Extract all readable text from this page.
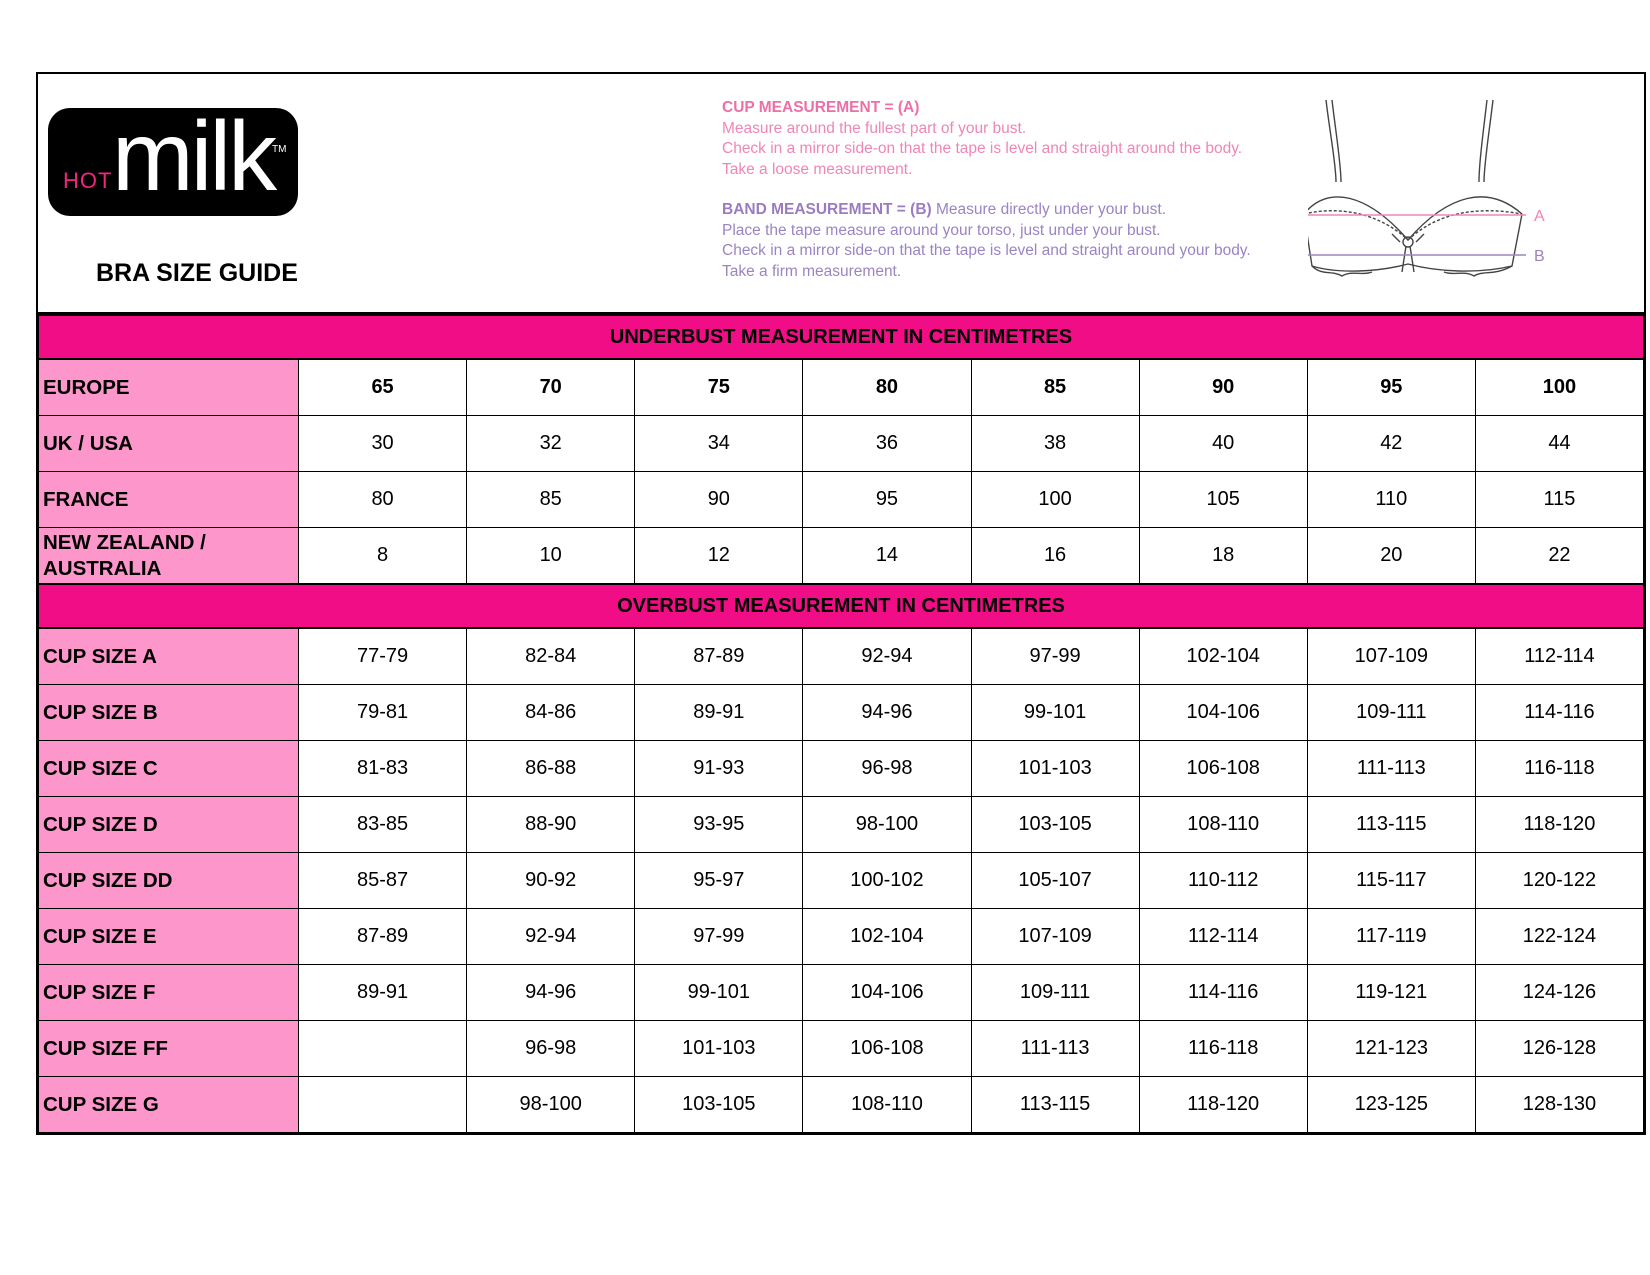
HOT milk
TM
BRA SIZE GUIDE
CUP MEASUREMENT = (A)
Measure around the fullest part of your bust.
Check in a mirror side-on that the tape is level and straight around the body.
Take a loose measurement.
BAND MEASUREMENT = (B) Measure directly under your bust.
Place the tape measure around your torso, just under your bust.
Check in a mirror side-on that the tape is level and straight around your body.
Take a firm measurement.
A
B
UNDERBUST MEASUREMENT IN CENTIMETRES								
EUROPE	65	70	75	80	85	90	95	100
UK / USA	30	32	34	36	38	40	42	44
FRANCE	80	85	90	95	100	105	110	115
NEW ZEALAND / AUSTRALIA	8	10	12	14	16	18	20	22
OVERBUST MEASUREMENT IN CENTIMETRES								
CUP SIZE A	77-79	82-84	87-89	92-94	97-99	102-104	107-109	112-114
CUP SIZE B	79-81	84-86	89-91	94-96	99-101	104-106	109-111	114-116
CUP SIZE C	81-83	86-88	91-93	96-98	101-103	106-108	111-113	116-118
CUP SIZE D	83-85	88-90	93-95	98-100	103-105	108-110	113-115	118-120
CUP SIZE DD	85-87	90-92	95-97	100-102	105-107	110-112	115-117	120-122
CUP SIZE E	87-89	92-94	97-99	102-104	107-109	112-114	117-119	122-124
CUP SIZE F	89-91	94-96	99-101	104-106	109-111	114-116	119-121	124-126
CUP SIZE FF		96-98	101-103	106-108	111-113	116-118	121-123	126-128
CUP SIZE G		98-100	103-105	108-110	113-115	118-120	123-125	128-130
